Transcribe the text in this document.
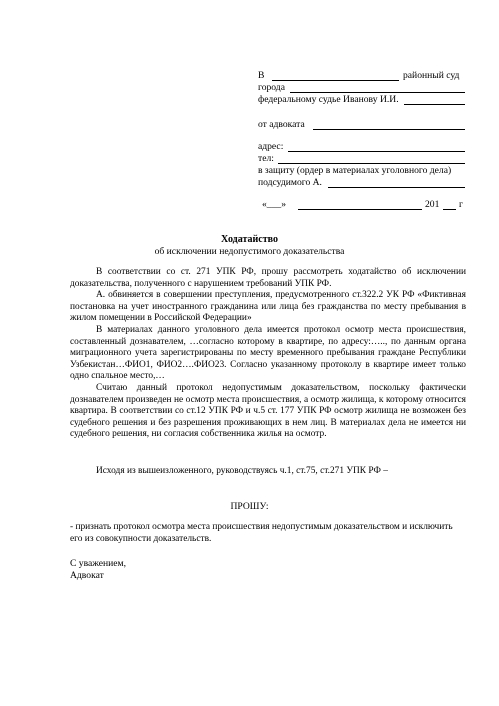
В	районный суд
города
федеральному судье Иванову И.И.
от адвоката
адрес:
тел:
в защиту (ордер в материалах уголовного дела)
подсудимого А.
«___»	201 г
Ходатайство
об исключении недопустимого доказательства

В соответствии со ст. 271 УПК РФ, прошу рассмотреть ходатайство об исключении доказательства, полученного с нарушением требований УПК РФ.

А. обвиняется в совершении преступления, предусмотренного ст.322.2 УК РФ «Фиктивная постановка на учет иностранного гражданина или лица без гражданства по месту пребывания в жилом помещении в Российской Федерации»

В материалах данного уголовного дела имеется протокол осмотр места происшествия, составленный дознавателем, …согласно которому в квартире, по адресу:….., по данным органа миграционного учета зарегистрированы по месту временного пребывания граждане Республики Узбекистан…ФИО1, ФИО2….ФИО23. Согласно указанному протоколу в квартире имеет только одно спальное место,…

Считаю данный протокол недопустимым доказательством, поскольку фактически дознавателем произведен не осмотр места происшествия, а осмотр жилища, к которому относится квартира. В соответствии со ст.12 УПК РФ и ч.5 ст. 177 УПК РФ осмотр жилища не возможен без судебного решения и без разрешения проживающих в нем лиц. В материалах дела не имеется ни судебного решения, ни согласия собственника жилья на осмотр.

Исходя из вышеизложенного, руководствуясь ч.1, ст.75, ст.271 УПК РФ –

ПРОШУ:

- признать протокол осмотра места происшествия недопустимым доказательством и исключить его из совокупности доказательств.

С уважением,
Адвокат
